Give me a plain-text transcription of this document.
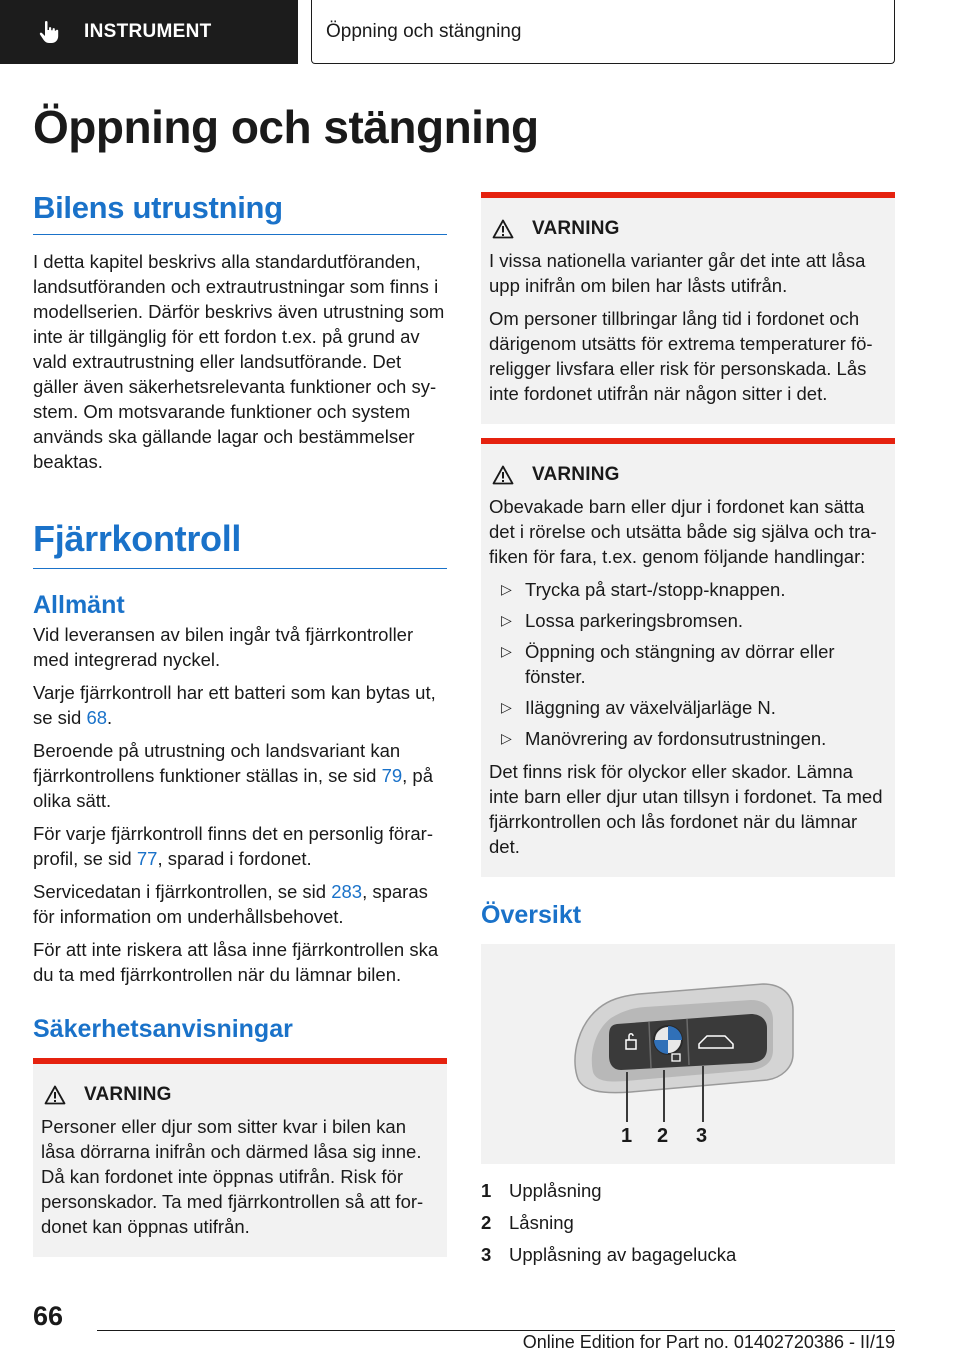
INSTRUMENT	Öppning och stängning
Öppning och stängning
Bilens utrustning

I detta kapitel beskrivs alla standardutföranden, landsutföranden och extrautrustningar som finns i modellserien. Därför beskrivs även utrustning som inte är tillgänglig för ett fordon t.ex. på grund av vald extrautrustning eller landsutförande. Det gäller även säkerhetsrelevanta funktioner och system. Om motsvarande funktioner och system används ska gällande lagar och bestämmelser beaktas.

Fjärrkontroll
Allmänt

Vid leveransen av bilen ingår två fjärrkontroller med integrerad nyckel.

Varje fjärrkontroll har ett batteri som kan bytas ut, se sid 68.

Beroende på utrustning och landsvariant kan fjärrkontrollens funktioner ställas in, se sid 79, på olika sätt.

För varje fjärrkontroll finns det en personlig förarprofil, se sid 77, sparad i fordonet.

Servicedatan i fjärrkontrollen, se sid 283, sparas för information om underhållsbehovet.

För att inte riskera att låsa inne fjärrkontrollen ska du ta med fjärrkontrollen när du lämnar bilen.

Säkerhetsanvisningar
VARNING

Personer eller djur som sitter kvar i bilen kan låsa dörrarna inifrån och därmed låsa sig inne. Då kan fordonet inte öppnas utifrån. Risk för personskador. Ta med fjärrkontrollen så att fordonet kan öppnas utifrån.

VARNING

I vissa nationella varianter går det inte att låsa upp inifrån om bilen har låsts utifrån.

Om personer tillbringar lång tid i fordonet och därigenom utsätts för extrema temperaturer föreligger livsfara eller risk för personskada. Lås inte fordonet utifrån när någon sitter i det.

VARNING

Obevakade barn eller djur i fordonet kan sätta det i rörelse och utsätta både sig själva och trafiken för fara, t.ex. genom följande handlingar:

▷ Trycka på start-/stopp-knappen.
▷ Lossa parkeringsbromsen.
▷ Öppning och stängning av dörrar eller fönster.
▷ Iläggning av växelväljarläge N.
▷ Manövrering av fordonsutrustningen.

Det finns risk för olyckor eller skador. Lämna inte barn eller djur utan tillsyn i fordonet. Ta med fjärrkontrollen och lås fordonet när du lämnar det.

Översikt
1 2 3
1 Upplåsning
2 Låsning
3 Upplåsning av bagagelucka
66
Online Edition for Part no. 01402720386 - II/19
